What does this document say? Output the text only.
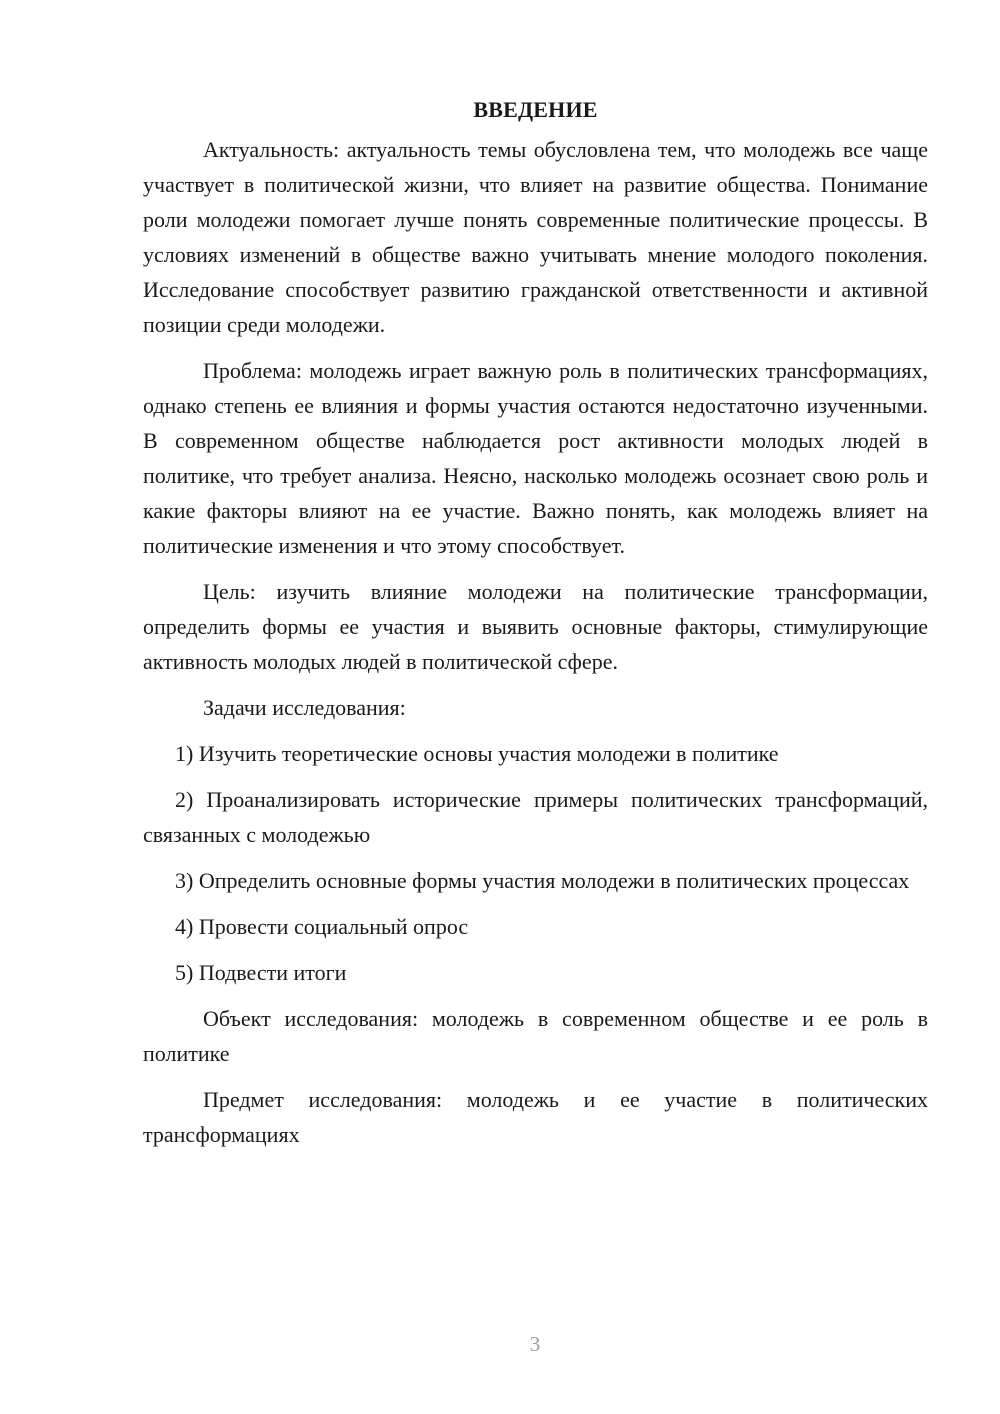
ВВЕДЕНИЕ

Актуальность: актуальность темы обусловлена тем, что молодежь все чаще участвует в политической жизни, что влияет на развитие общества. Понимание роли молодежи помогает лучше понять современные политические процессы. В условиях изменений в обществе важно учитывать мнение молодого поколения. Исследование способствует развитию гражданской ответственности и активной позиции среди молодежи.

Проблема: молодежь играет важную роль в политических трансформациях, однако степень ее влияния и формы участия остаются недостаточно изученными. В современном обществе наблюдается рост активности молодых людей в политике, что требует анализа. Неясно, насколько молодежь осознает свою роль и какие факторы влияют на ее участие. Важно понять, как молодежь влияет на политические изменения и что этому способствует.

Цель: изучить влияние молодежи на политические трансформации, определить формы ее участия и выявить основные факторы, стимулирующие активность молодых людей в политической сфере.

Задачи исследования:

1) Изучить теоретические основы участия молодежи в политике

2) Проанализировать исторические примеры политических трансформаций, связанных с молодежью

3) Определить основные формы участия молодежи в политических процессах

4) Провести социальный опрос

5) Подвести итоги

Объект исследования: молодежь в современном обществе и ее роль в политике

Предмет исследования: молодежь и ее участие в политических трансформациях

3
